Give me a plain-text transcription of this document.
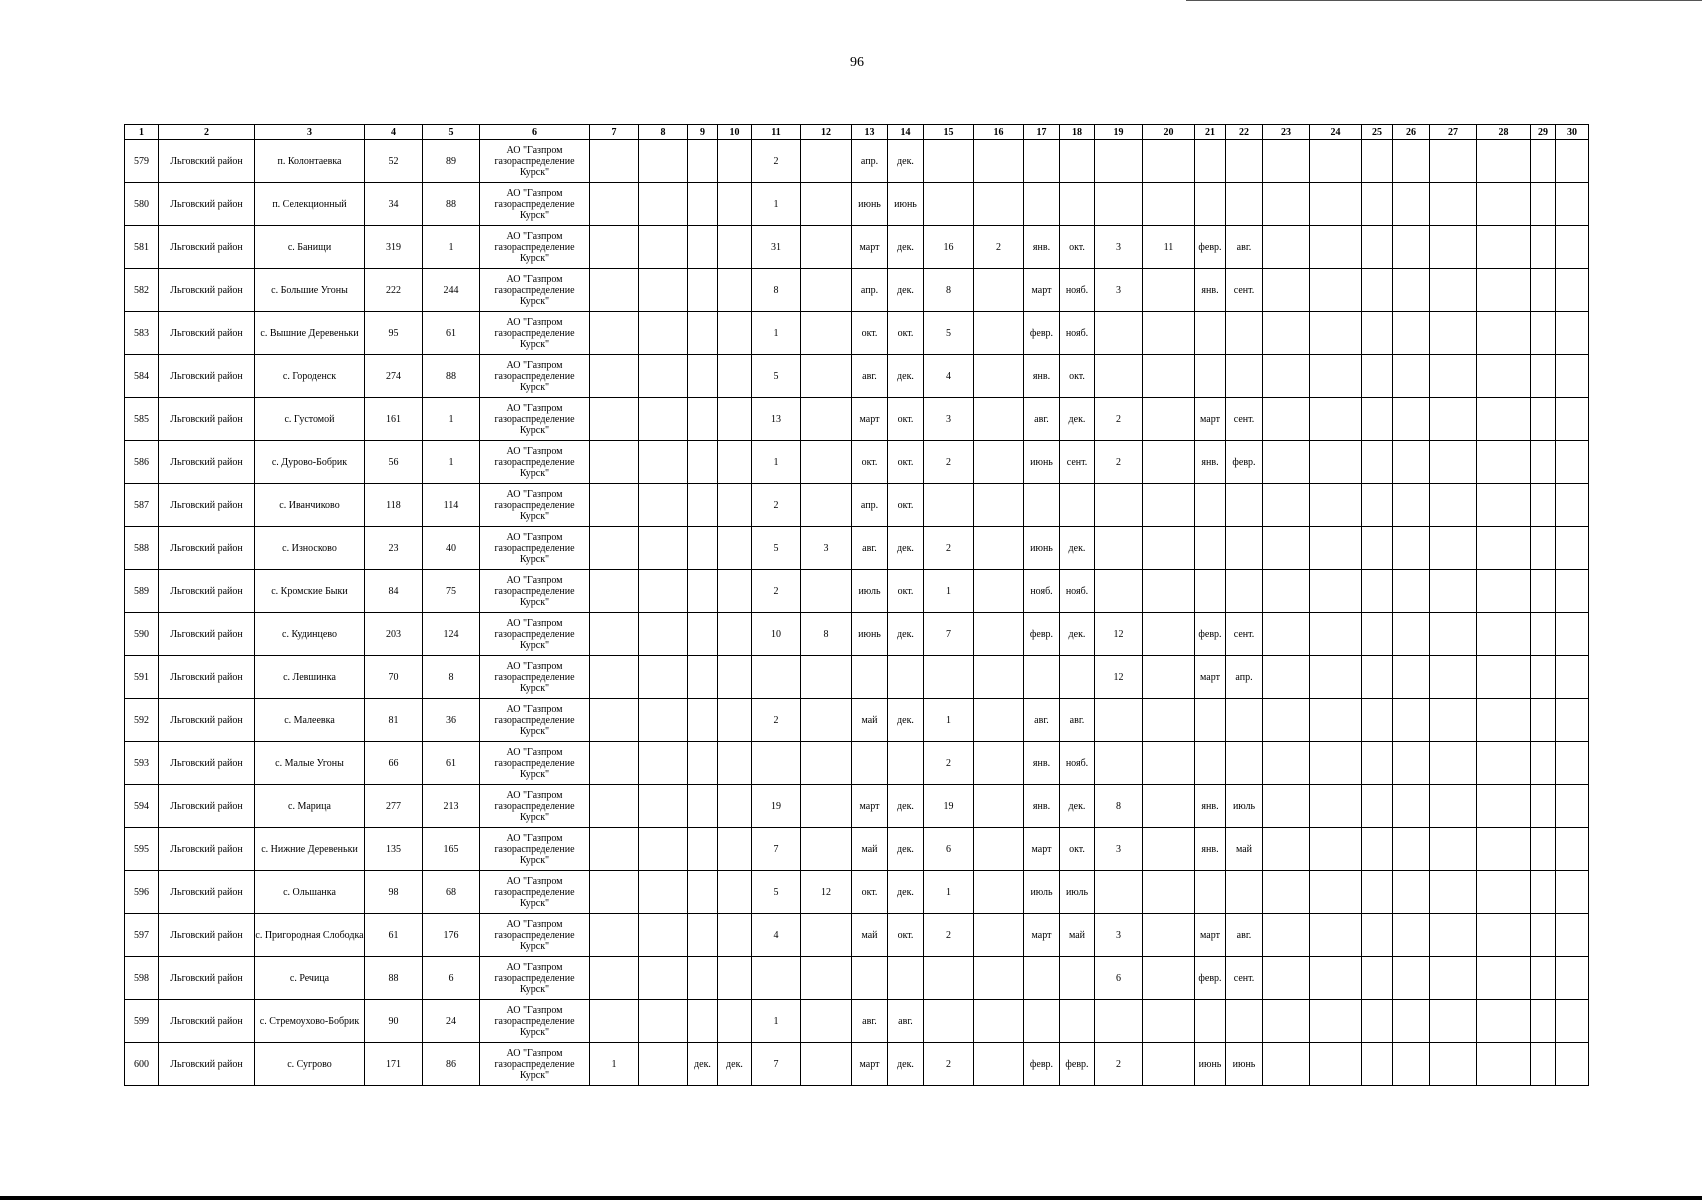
96
1	2	3	4	5	6	7	8	9	10	11	12	13	14	15	16	17	18	19	20	21	22	23	24	25	26	27	28	29	30
579	Льговский район	п. Колонтаевка	52	89	АО "Газпром газораспределение Курск"					2		апр.	дек.																
580	Льговский район	п. Селекционный	34	88	АО "Газпром газораспределение Курск"					1		июнь	июнь																
581	Льговский район	с. Банищи	319	1	АО "Газпром газораспределение Курск"					31		март	дек.	16	2	янв.	окт.	3	11	февр.	авг.								
582	Льговский район	с. Большие Угоны	222	244	АО "Газпром газораспределение Курск"					8		апр.	дек.	8		март	нояб.	3		янв.	сент.								
583	Льговский район	с. Вышние Деревеньки	95	61	АО "Газпром газораспределение Курск"					1		окт.	окт.	5		февр.	нояб.												
584	Льговский район	с. Городенск	274	88	АО "Газпром газораспределение Курск"					5		авг.	дек.	4		янв.	окт.												
585	Льговский район	с. Густомой	161	1	АО "Газпром газораспределение Курск"					13		март	окт.	3		авг.	дек.	2		март	сент.								
586	Льговский район	с. Дурово-Бобрик	56	1	АО "Газпром газораспределение Курск"					1		окт.	окт.	2		июнь	сент.	2		янв.	февр.								
587	Льговский район	с. Иванчиково	118	114	АО "Газпром газораспределение Курск"					2		апр.	окт.																
588	Льговский район	с. Износково	23	40	АО "Газпром газораспределение Курск"					5	3	авг.	дек.	2		июнь	дек.												
589	Льговский район	с. Кромские Быки	84	75	АО "Газпром газораспределение Курск"					2		июль	окт.	1		нояб.	нояб.												
590	Льговский район	с. Кудинцево	203	124	АО "Газпром газораспределение Курск"					10	8	июнь	дек.	7		февр.	дек.	12		февр.	сент.								
591	Льговский район	с. Левшинка	70	8	АО "Газпром газораспределение Курск"													12		март	апр.								
592	Льговский район	с. Малеевка	81	36	АО "Газпром газораспределение Курск"					2		май	дек.	1		авг.	авг.												
593	Льговский район	с. Малые Угоны	66	61	АО "Газпром газораспределение Курск"									2		янв.	нояб.												
594	Льговский район	с. Марица	277	213	АО "Газпром газораспределение Курск"					19		март	дек.	19		янв.	дек.	8		янв.	июль								
595	Льговский район	с. Нижние Деревеньки	135	165	АО "Газпром газораспределение Курск"					7		май	дек.	6		март	окт.	3		янв.	май								
596	Льговский район	с. Ольшанка	98	68	АО "Газпром газораспределение Курск"					5	12	окт.	дек.	1		июль	июль												
597	Льговский район	с. Пригородная Слободка	61	176	АО "Газпром газораспределение Курск"					4		май	окт.	2		март	май	3		март	авг.								
598	Льговский район	с. Речица	88	6	АО "Газпром газораспределение Курск"													6		февр.	сент.								
599	Льговский район	с. Стремоухово-Бобрик	90	24	АО "Газпром газораспределение Курск"					1		авг.	авг.																
600	Льговский район	с. Сугрово	171	86	АО "Газпром газораспределение Курск"	1		дек.	дек.	7		март	дек.	2		февр.	февр.	2		июнь	июнь								
